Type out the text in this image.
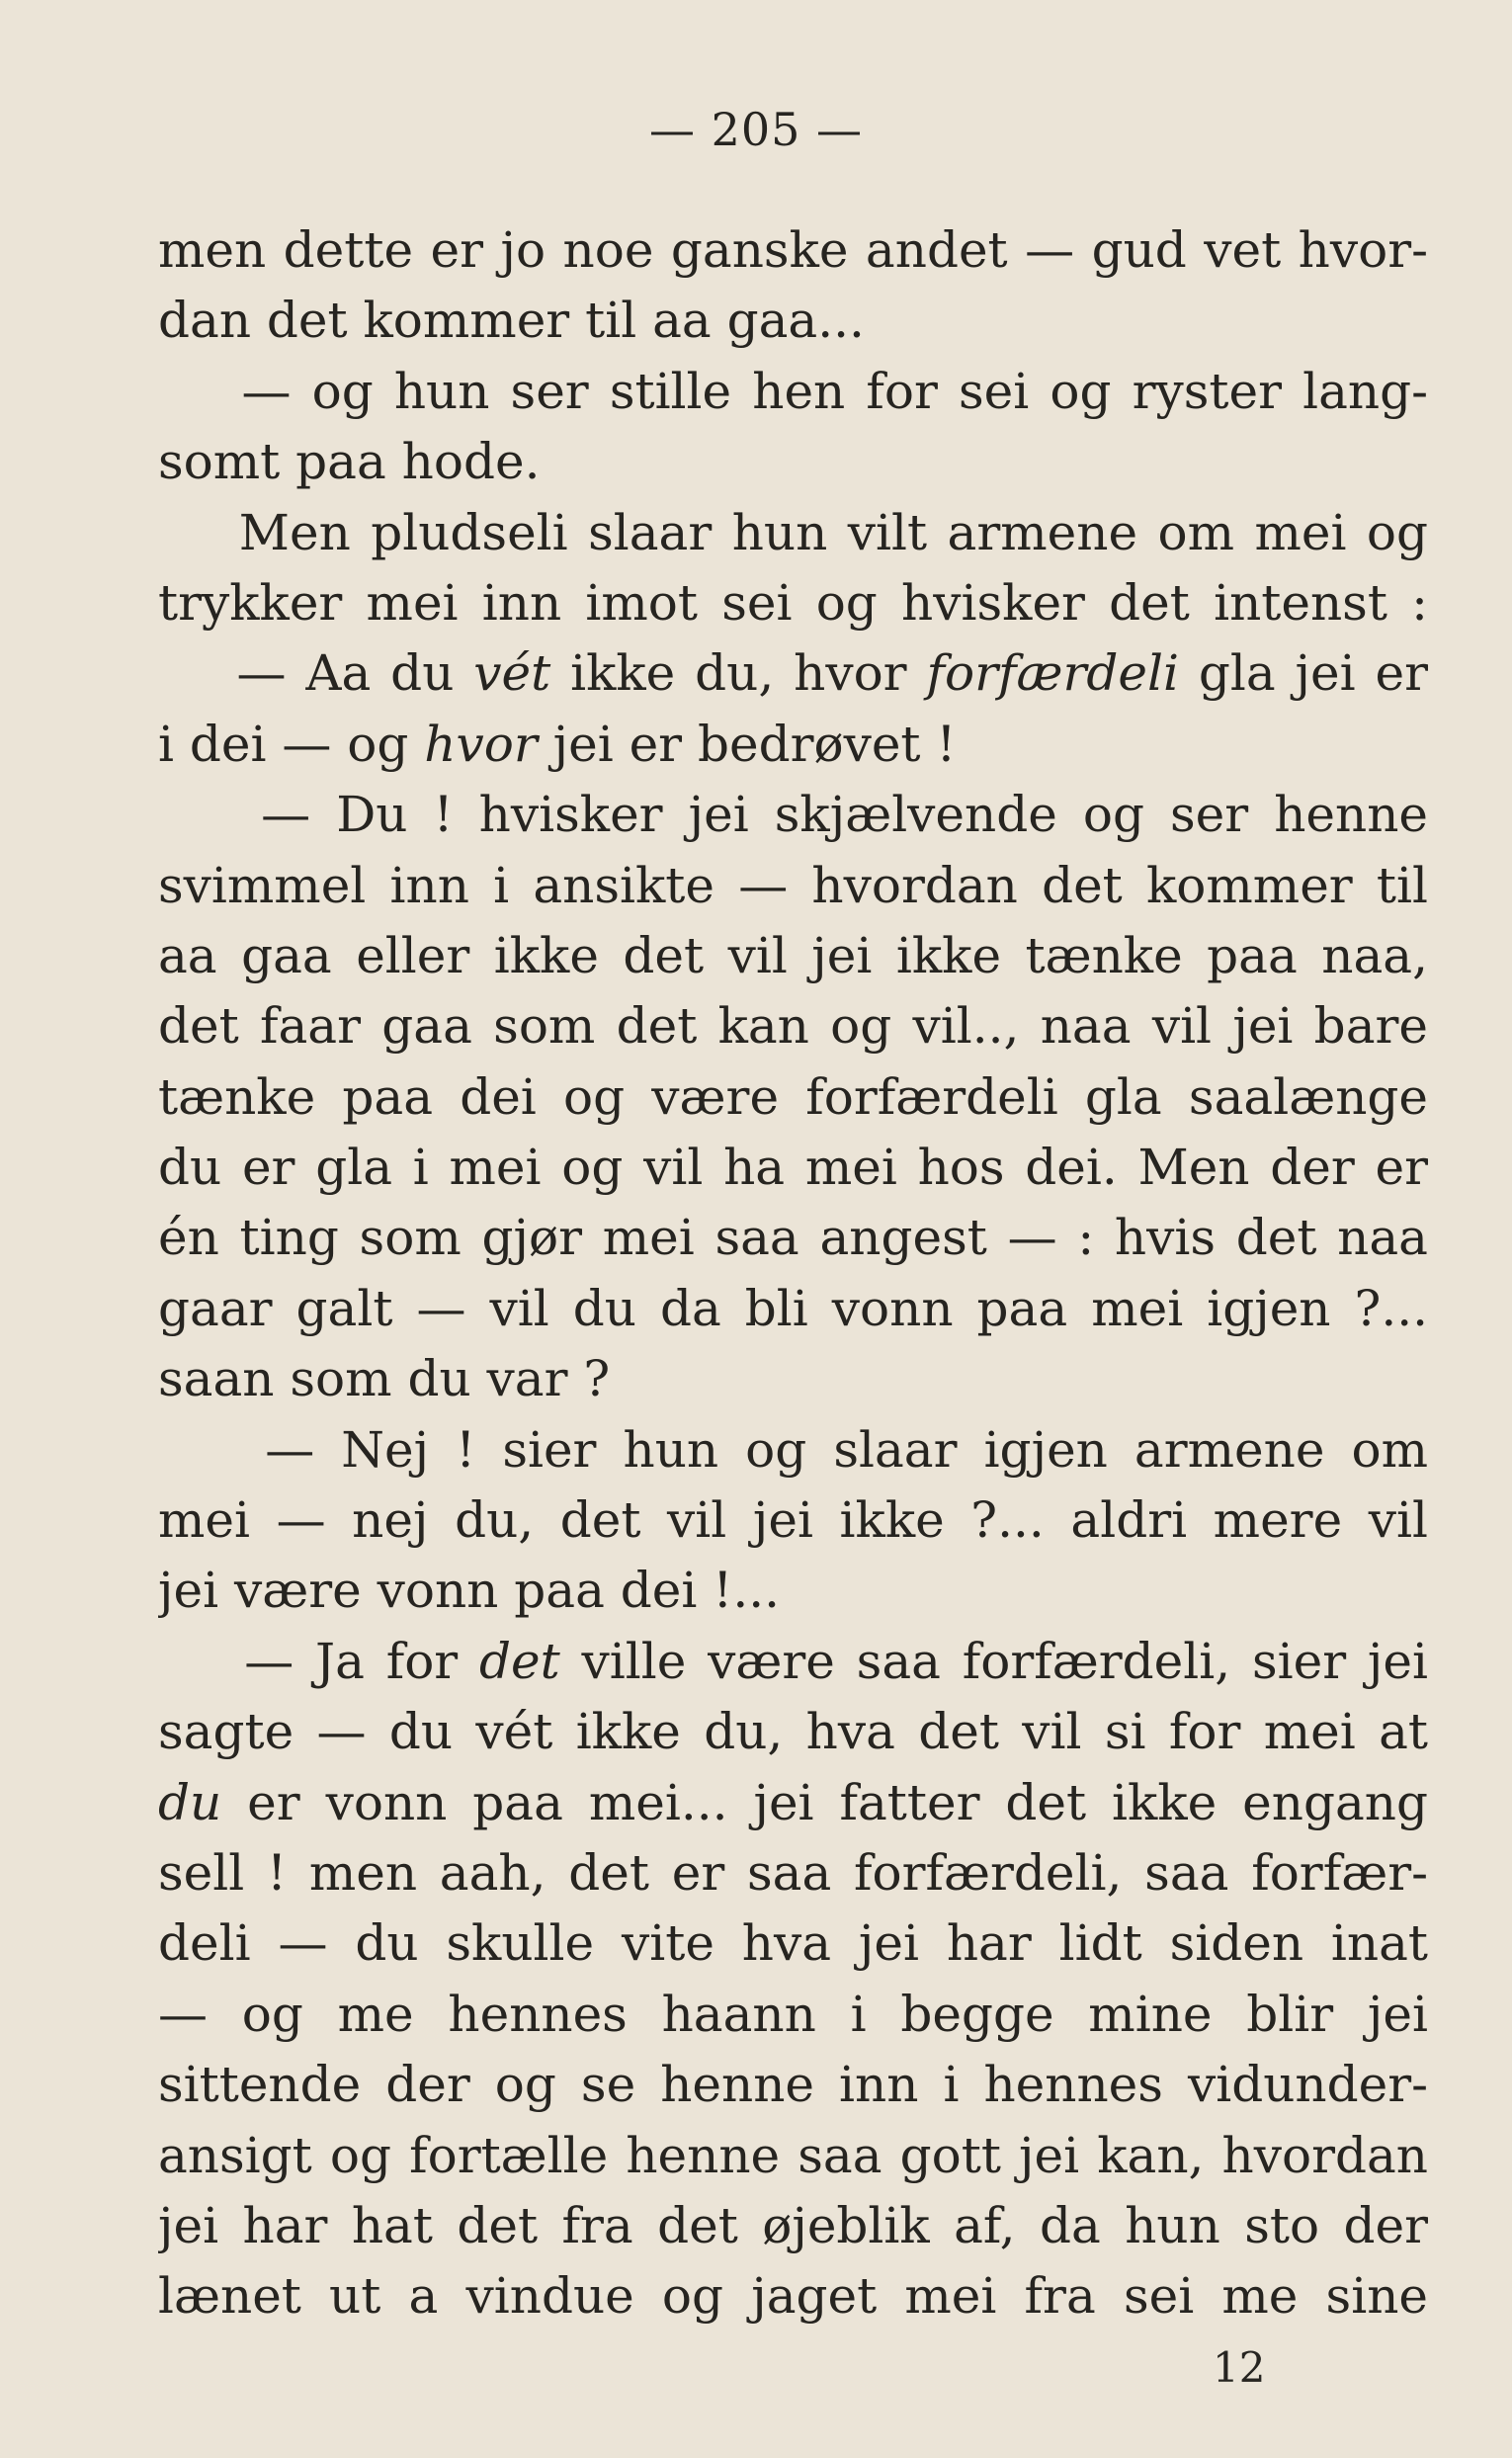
— 205 —
men dette er jo noe ganske andet — gud vet hvor-
dan det kommer til aa gaa...
— og hun ser stille hen for sei og ryster lang-
somt paa hode.
Men pludseli slaar hun vilt armene om mei og
trykker mei inn imot sei og hvisker det intenst :
— Aa du vét ikke du, hvor forfærdeli gla jei er
i dei — og hvor jei er bedrøvet !
— Du ! hvisker jei skjælvende og ser henne
svimmel inn i ansikte — hvordan det kommer til
aa gaa eller ikke det vil jei ikke tænke paa naa,
det faar gaa som det kan og vil.., naa vil jei bare
tænke paa dei og være forfærdeli gla saalænge
du er gla i mei og vil ha mei hos dei. Men der er
én ting som gjør mei saa angest — : hvis det naa
gaar galt — vil du da bli vonn paa mei igjen ?...
saan som du var ?
— Nej ! sier hun og slaar igjen armene om
mei — nej du, det vil jei ikke ?... aldri mere vil
jei være vonn paa dei !...
— Ja for det ville være saa forfærdeli, sier jei
sagte — du vét ikke du, hva det vil si for mei at
du er vonn paa mei... jei fatter det ikke engang
sell ! men aah, det er saa forfærdeli, saa forfær-
deli — du skulle vite hva jei har lidt siden inat
— og me hennes haann i begge mine blir jei
sittende der og se henne inn i hennes vidunder-
ansigt og fortælle henne saa gott jei kan, hvordan
jei har hat det fra det øjeblik af, da hun sto der
lænet ut a vindue og jaget mei fra sei me sine
12
